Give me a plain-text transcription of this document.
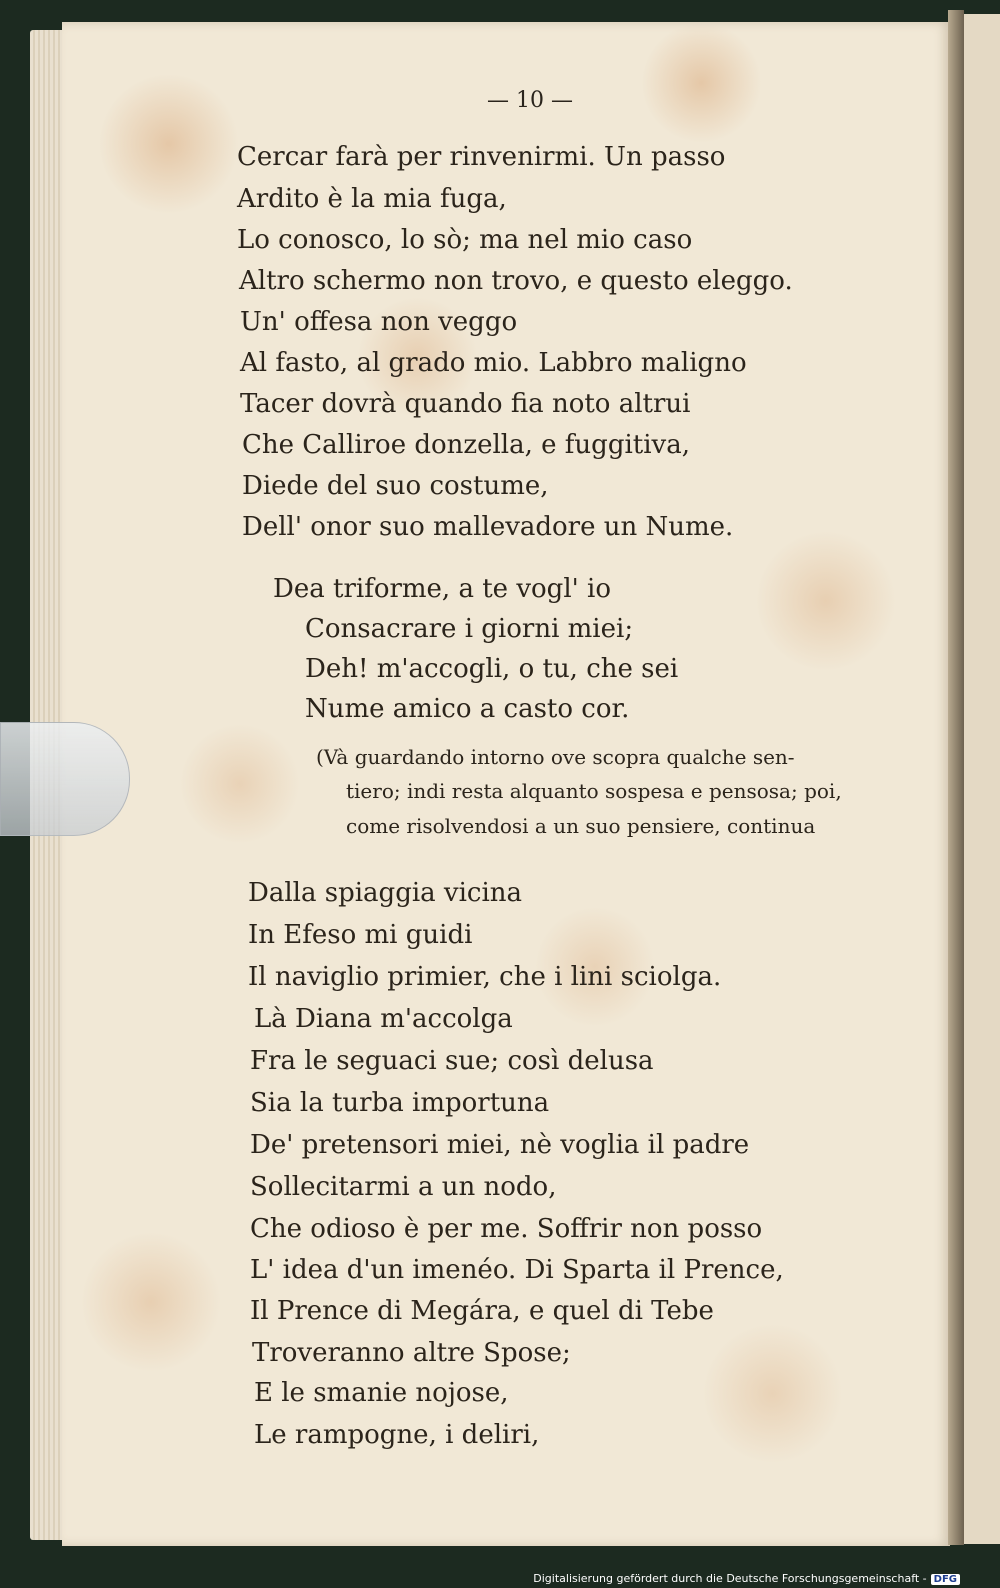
— 10 —
Cercar farà per rinvenirmi. Un passo
Ardito è la mia fuga,
Lo conosco, lo sò; ma nel mio caso
Altro schermo non trovo, e questo eleggo.
Un' offesa non veggo
Al fasto, al grado mio. Labbro maligno
Tacer dovrà quando fia noto altrui
Che Calliroe donzella, e fuggitiva,
Diede del suo costume,
Dell' onor suo mallevadore un Nume.
Dea triforme, a te vogl' io
Consacrare i giorni miei;
Deh! m'accogli, o tu, che sei
Nume amico a casto cor.
(Và guardando intorno ove scopra qualche sen-
tiero; indi resta alquanto sospesa e pensosa; poi,
come risolvendosi a un suo pensiere, continua
Dalla spiaggia vicina
In Efeso mi guidi
Il naviglio primier, che i lini sciolga.
Là Diana m'accolga
Fra le seguaci sue; così delusa
Sia la turba importuna
De' pretensori miei, nè voglia il padre
Sollecitarmi a un nodo,
Che odioso è per me. Soffrir non posso
L' idea d'un imenéo. Di Sparta il Prence,
Il Prence di Megára, e quel di Tebe
Troveranno altre Spose;
E le smanie nojose,
Le rampogne, i deliri,
Digitalisierung gefördert durch die Deutsche Forschungsgemeinschaft - DFG
